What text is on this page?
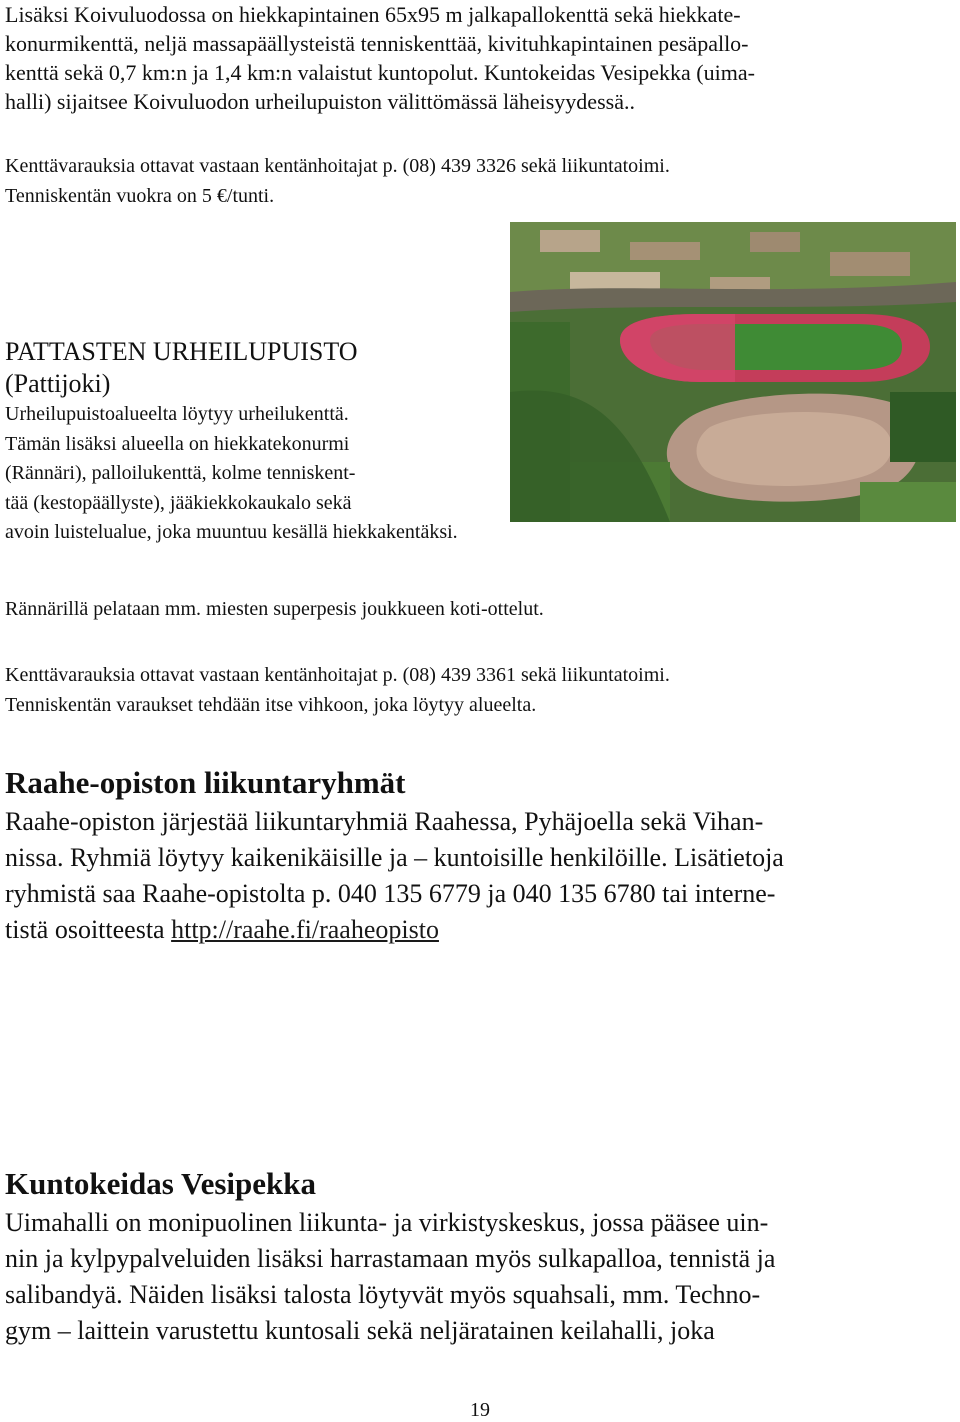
Lisäksi Koivuluodossa on hiekkapintainen 65x95 m jalkapallokenttä sekä hiekkate-
konurmikenttä, neljä massapäällysteistä tenniskenttää, kivituhkapintainen pesäpallo-
kenttä sekä 0,7 km:n ja 1,4 km:n valaistut kuntopolut. Kuntokeidas Vesipekka (uima-
halli) sijaitsee Koivuluodon urheilupuiston välittömässä läheisyydessä..
Kenttävarauksia ottavat vastaan kentänhoitajat p. (08) 439 3326 sekä liikuntatoimi.
Tenniskentän vuokra on 5 €/tunti.
PATTASTEN URHEILUPUISTO
(Pattijoki)
Urheilupuistoalueelta löytyy urheilukenttä.
Tämän lisäksi alueella on hiekkatekonurmi
(Rännäri), palloilukenttä, kolme tenniskent-
tää (kestopäällyste), jääkiekkokaukalo sekä
avoin luistelualue, joka muuntuu kesällä hiekkakentäksi.
Rännärillä pelataan mm. miesten superpesis joukkueen koti-ottelut.
Kenttävarauksia ottavat vastaan kentänhoitajat p. (08) 439 3361 sekä liikuntatoimi.
Tenniskentän varaukset tehdään itse vihkoon, joka löytyy alueelta.
Raahe-opiston liikuntaryhmät
Raahe-opiston järjestää liikuntaryhmiä Raahessa, Pyhäjoella sekä Vihan-
nissa. Ryhmiä löytyy kaikenikäisille ja – kuntoisille henkilöille. Lisätietoja
ryhmistä saa Raahe-opistolta p. 040 135 6779 ja 040 135 6780 tai interne-
tistä osoitteesta http://raahe.fi/raaheopisto
Kuntokeidas Vesipekka
Uimahalli on monipuolinen liikunta- ja virkistyskeskus, jossa pääsee uin-
nin ja kylpypalveluiden lisäksi harrastamaan myös sulkapalloa, tennistä ja
salibandyä. Näiden lisäksi talosta löytyvät myös squahsali, mm. Techno-
gym – laittein varustettu kuntosali sekä neljäratainen keilahalli, joka
19
